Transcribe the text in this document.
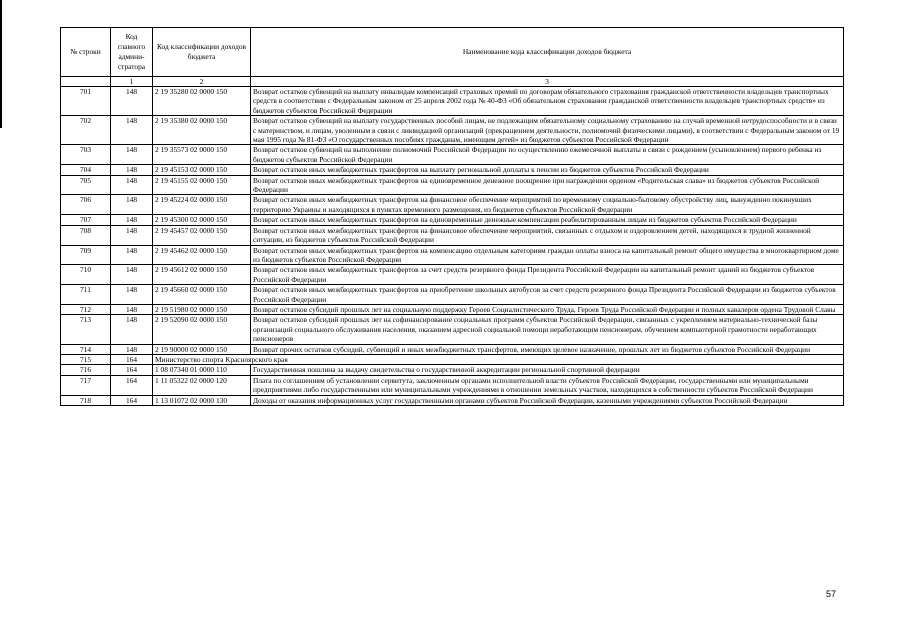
№ строки	Код главного админи-стратора	Код классификации доходов бюджета	Наименование кода классификации доходов бюджета
	1	2	3
701	148	2 19 35280 02 0000 150	Возврат остатков субвенций на выплату инвалидам компенсаций страховых премий по договорам обязательного страхования гражданской ответственности владельцев транспортных средств в соответствии с Федеральным законом от 25 апреля 2002 года № 40-ФЗ «Об обязательном страховании гражданской ответственности владельцев транспортных средств» из бюджетов субъектов Российской Федерации
702	148	2 19 35380 02 0000 150	Возврат остатков субвенций на выплату государственных пособий лицам, не подлежащим обязательному социальному страхованию на случай временной нетрудоспособности и в связи с материнством, и лицам, уволенным в связи с ликвидацией организаций (прекращением деятельности, полномочий физическими лицами), в соответствии с Федеральным законом от 19 мая 1995 года № 81-ФЗ «О государственных пособиях гражданам, имеющим детей» из бюджетов субъектов Российской Федерации
703	148	2 19 35573 02 0000 150	Возврат остатков субвенций на выполнение полномочий Российской Федерации по осуществлению ежемесячной выплаты в связи с рождением (усыновлением) первого ребенка из бюджетов субъектов Российской Федерации
704	148	2 19 45153 02 0000 150	Возврат остатков иных межбюджетных трансфертов на выплату региональной доплаты к пенсии из бюджетов субъектов Российской Федерации
705	148	2 19 45155 02 0000 150	Возврат остатков иных межбюджетных трансфертов на единовременное денежное поощрение при награждении орденом «Родительская слава» из бюджетов субъектов Российской Федерации
706	148	2 19 45224 02 0000 150	Возврат остатков иных межбюджетных трансфертов на финансовое обеспечение мероприятий по временному социально-бытовому обустройству лиц, вынужденно покинувших территорию Украины и находящихся в пунктах временного размещения, из бюджетов субъектов Российской Федерации
707	148	2 19 45300 02 0000 150	Возврат остатков иных межбюджетных трансфертов на единовременные денежные компенсации реабилитированным лицам из бюджетов субъектов Российской Федерации
708	148	2 19 45457 02 0000 150	Возврат остатков иных межбюджетных трансфертов на финансовое обеспечение мероприятий, связанных с отдыхом и оздоровлением детей, находящихся в трудной жизненной ситуации, из бюджетов субъектов Российской Федерации
709	148	2 19 45462 02 0000 150	Возврат остатков иных межбюджетных трансфертов на компенсацию отдельным категориям граждан оплаты взноса на капитальный ремонт общего имущества в многоквартирном доме из бюджетов субъектов Российской Федерации
710	148	2 19 45612 02 0000 150	Возврат остатков иных межбюджетных трансфертов за счет средств резервного фонда Президента Российской Федерации на капитальный ремонт зданий из бюджетов субъектов Российской Федерации
711	148	2 19 45660 02 0000 150	Возврат остатков иных межбюджетных трансфертов на приобретение школьных автобусов за счет средств резервного фонда Президента Российской Федерации из бюджетов субъектов Российской Федерации
712	148	2 19 51980 02 0000 150	Возврат остатков субсидий прошлых лет на социальную поддержку Героев Социалистического Труда, Героев Труда Российской Федерации и полных кавалеров ордена Трудовой Славы
713	148	2 19 52090 02 0000 150	Возврат остатков субсидий прошлых лет на софинансирование социальных программ субъектов Российской Федерации, связанных с укреплением материально-технической базы организаций социального обслуживания населения, оказанием адресной социальной помощи неработающим пенсионерам, обучением компьютерной грамотности неработающих пенсионеров
714	148	2 19 90000 02 0000 150	Возврат прочих остатков субсидий, субвенций и иных межбюджетных трансфертов, имеющих целевое назначение, прошлых лет из бюджетов субъектов Российской Федерации
715	164	Министерство спорта Красноярского края	
716	164	1 08 07340 01 0000 110	Государственная пошлина за выдачу свидетельства о государственной аккредитации региональной спортивной федерации
717	164	1 11 05322 02 0000 120	Плата по соглашениям об установлении сервитута, заключенным органами исполнительной власти субъектов Российской Федерации, государственными или муниципальными предприятиями либо государственными или муниципальными учреждениями в отношении земельных участков, находящихся в собственности субъектов Российской Федерации
718	164	1 13 01072 02 0000 130	Доходы от оказания информационных услуг государственными органами субъектов Российской Федерации, казенными учреждениями субъектов Российской Федерации
57
